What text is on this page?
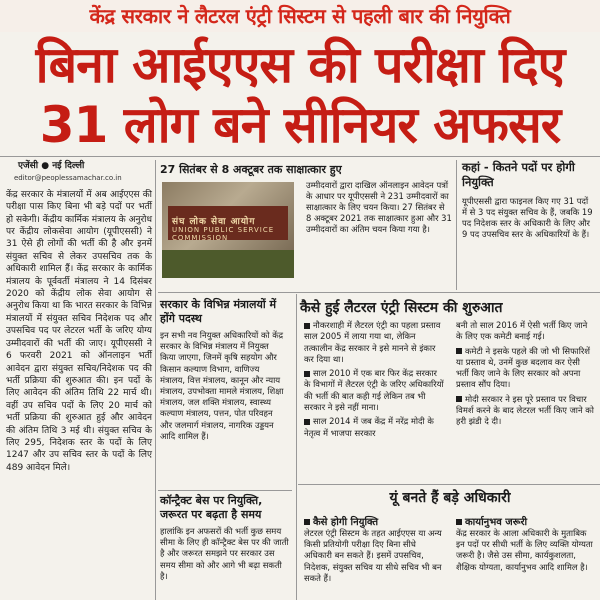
केंद्र सरकार ने लैटरल एंट्री सिस्टम से पहली बार की नियुक्ति
बिना आईएएस की परीक्षा दिए
31 लोग बने सीनियर अफसर
एजेंसी ● नई दिल्ली
editor@peoplessamachar.co.in

केंद्र सरकार के मंत्रालयों में अब आईएएस की परीक्षा पास किए बिना भी बड़े पदों पर भर्ती हो सकेगी। केंद्रीय कार्मिक मंत्रालय के अनुरोध पर केंद्रीय लोकसेवा आयोग (यूपीएससी) ने 31 ऐसे ही लोगों की भर्ती की है और इनमें संयुक्त सचिव से लेकर उपसचिव तक के अधिकारी शामिल हैं। केंद्र सरकार के कार्मिक मंत्रालय के पूर्ववर्ती मंत्रालय ने 14 दिसंबर 2020 को केंद्रीय लोक सेवा आयोग से अनुरोध किया था कि भारत सरकार के विभिन्न मंत्रालयों में संयुक्त सचिव निदेशक पद और उपसचिव पद पर लेटरल भर्ती के जरिए योग्य उम्मीदवारों की भर्ती की जाए। यूपीएससी ने 6 फरवरी 2021 को ऑनलाइन भर्ती आवेदन द्वारा संयुक्त सचिव/निदेशक पद की भर्ती प्रक्रिया की शुरुआत की। इन पदों के लिए आवेदन की अंतिम तिथि 22 मार्च थी। वहीं उप सचिव पदों के लिए 20 मार्च को भर्ती प्रक्रिया की शुरुआत हुई और आवेदन की अंतिम तिथि 3 मई थी। संयुक्त सचिव के लिए 295, निदेशक स्तर के पदों के लिए 1247 और उप सचिव स्तर के पदों के लिए 489 आवेदन मिले।

27 सितंबर से 8 अक्टूबर तक साक्षात्कार हुए
संघ लोक सेवा आयोग
UNION PUBLIC SERVICE COMMISSION
उम्मीदवारों द्वारा दाखिल ऑनलाइन आवेदन पत्रों के आधार पर यूपीएससी ने 231 उम्मीदवारों का साक्षात्कार के लिए चयन किया। 27 सितंबर से 8 अक्टूबर 2021 तक साक्षात्कार हुआ और 31 उम्मीदवारों का अंतिम चयन किया गया है।
कहां - कितने पदों पर होगी नियुक्ति
यूपीएससी द्वारा फाइनल किए गए 31 पदों में से 3 पद संयुक्त सचिव के हैं, जबकि 19 पद निदेशक स्तर के अधिकारी के लिए और 9 पद उपसचिव स्तर के अधिकारियों के हैं।
सरकार के विभिन्न मंत्रालयों में होंगे पदस्थ
इन सभी नव नियुक्त अधिकारियों को केंद्र सरकार के विभिन्न मंत्रालय में नियुक्त किया जाएगा, जिनमें कृषि सहयोग और किसान कल्याण विभाग, वाणिज्य मंत्रालय, वित्त मंत्रालय, कानून और न्याय मंत्रालय, उपभोक्ता मामले मंत्रालय, शिक्षा मंत्रालय, जल शक्ति मंत्रालय, स्वास्थ्य कल्याण मंत्रालय, पत्तन, पोत परिवहन और जलमार्ग मंत्रालय, नागरिक उड्डयन आदि शामिल हैं।
कॉन्ट्रैक्ट बेस पर नियुक्ति, जरूरत पर बढ़ता है समय
हालांकि इन अफसरों की भर्ती कुछ समय सीमा के लिए ही कॉन्ट्रैक्ट बेस पर की जाती है और जरूरत समझने पर सरकार उस समय सीमा को और आगे भी बढ़ा सकती है।
कैसे हुई लैटरल एंट्री सिस्टम की शुरुआत
नौकरशाही में लैटरल एंट्री का पहला प्रस्ताव साल 2005 में लाया गया था, लेकिन तत्कालीन केंद्र सरकार ने इसे मानने से इंकार कर दिया था।
साल 2010 में एक बार फिर केंद्र सरकार के विभागों में लैटरल एंट्री के जरिए अधिकारियों की भर्ती की बात कही गई लेकिन तब भी सरकार ने इसे नहीं माना।
साल 2014 में जब केंद्र में नरेंद्र मोदी के नेतृत्व में भाजपा सरकार
बनी तो साल 2016 में ऐसी भर्ती किए जाने के लिए एक कमेटी बनाई गई।
कमेटी ने इसके पहले की जो भी सिफारिशें या प्रस्ताव थे, उनमें कुछ बदलाव कर ऐसी भर्ती किए जाने के लिए सरकार को अपना प्रस्ताव सौंप दिया।
मोदी सरकार ने इस पूरे प्रस्ताव पर विचार विमर्श करने के बाद लेटरल भर्ती किए जाने को हरी झंडी दे दी।
यूं बनते हैं बड़े अधिकारी
कैसे होगी नियुक्ति
लेटरल एंट्री सिस्टम के तहत आईएएस या अन्य किसी प्रतियोगी परीक्षा दिए बिना सीधे अधिकारी बन सकते हैं। इसमें उपसचिव, निदेशक, संयुक्त सचिव या सीधे सचिव भी बन सकते हैं।
कार्यानुभव जरूरी
केंद्र सरकार के आला अधिकारी के मुताबिक इन पदों पर सीधी भर्ती के लिए व्यक्ति योग्यता जरूरी है। जैसे उस सीमा, कार्यकुशलता, शैक्षिक योग्यता, कार्यानुभव आदि शामिल है।
